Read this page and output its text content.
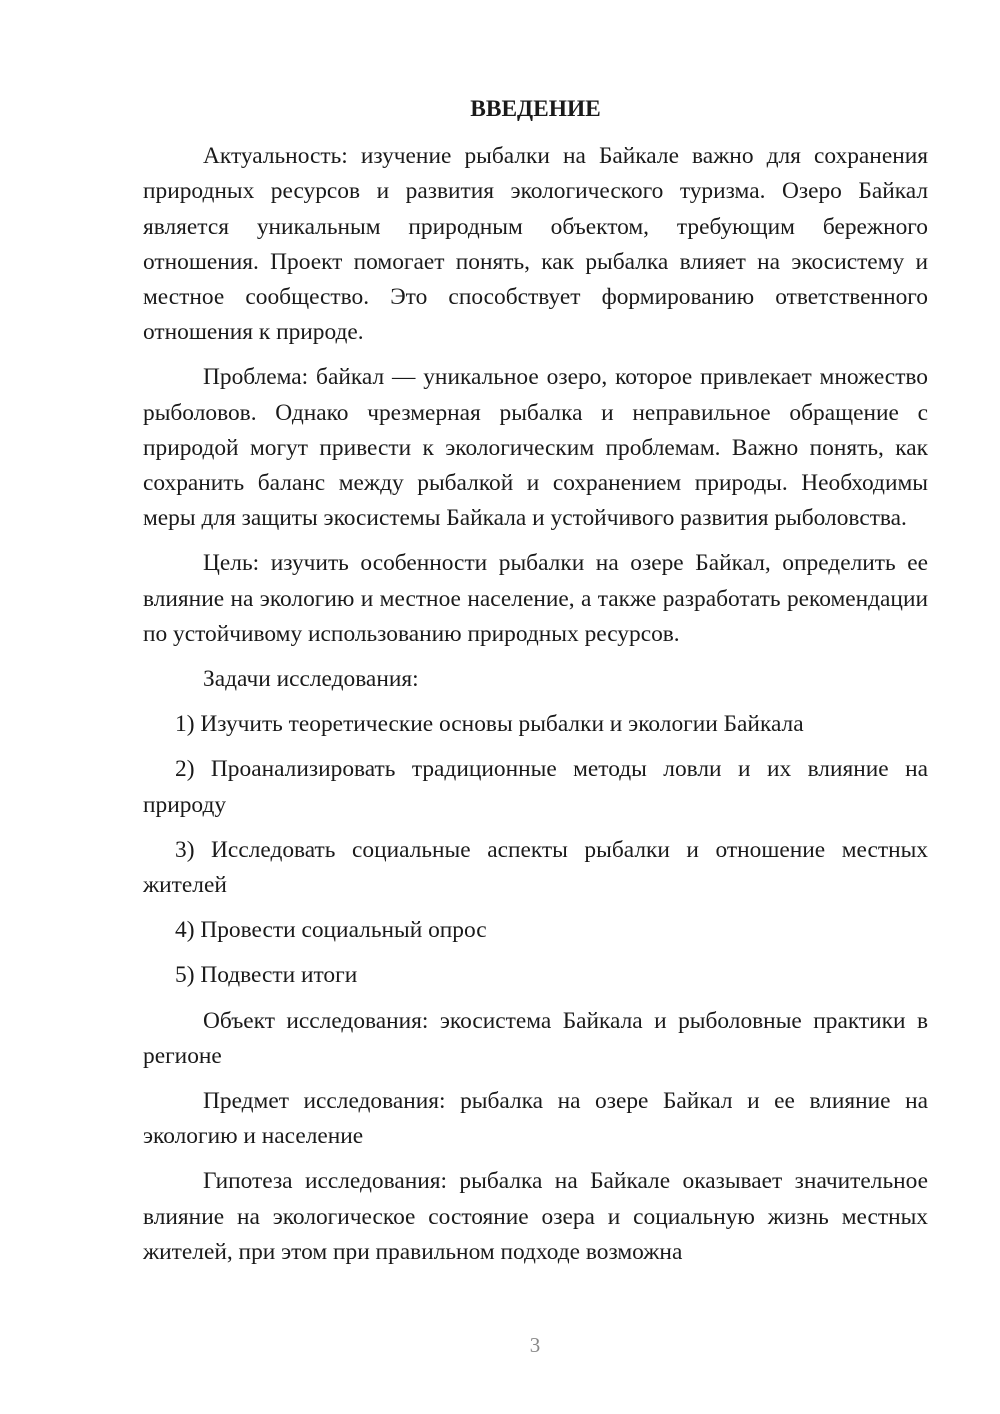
ВВЕДЕНИЕ

Актуальность: изучение рыбалки на Байкале важно для сохранения природных ресурсов и развития экологического туризма. Озеро Байкал является уникальным природным объектом, требующим бережного отношения. Проект помогает понять, как рыбалка влияет на экосистему и местное сообщество. Это способствует формированию ответственного отношения к природе.

Проблема: байкал — уникальное озеро, которое привлекает множество рыболовов. Однако чрезмерная рыбалка и неправильное обращение с природой могут привести к экологическим проблемам. Важно понять, как сохранить баланс между рыбалкой и сохранением природы. Необходимы меры для защиты экосистемы Байкала и устойчивого развития рыболовства.

Цель: изучить особенности рыбалки на озере Байкал, определить ее влияние на экологию и местное население, а также разработать рекомендации по устойчивому использованию природных ресурсов.

Задачи исследования:

1) Изучить теоретические основы рыбалки и экологии Байкала

2) Проанализировать традиционные методы ловли и их влияние на природу

3) Исследовать социальные аспекты рыбалки и отношение местных жителей

4) Провести социальный опрос

5) Подвести итоги

Объект исследования: экосистема Байкала и рыболовные практики в регионе

Предмет исследования: рыбалка на озере Байкал и ее влияние на экологию и население

Гипотеза исследования: рыбалка на Байкале оказывает значительное влияние на экологическое состояние озера и социальную жизнь местных жителей, при этом при правильном подходе возможна

3
